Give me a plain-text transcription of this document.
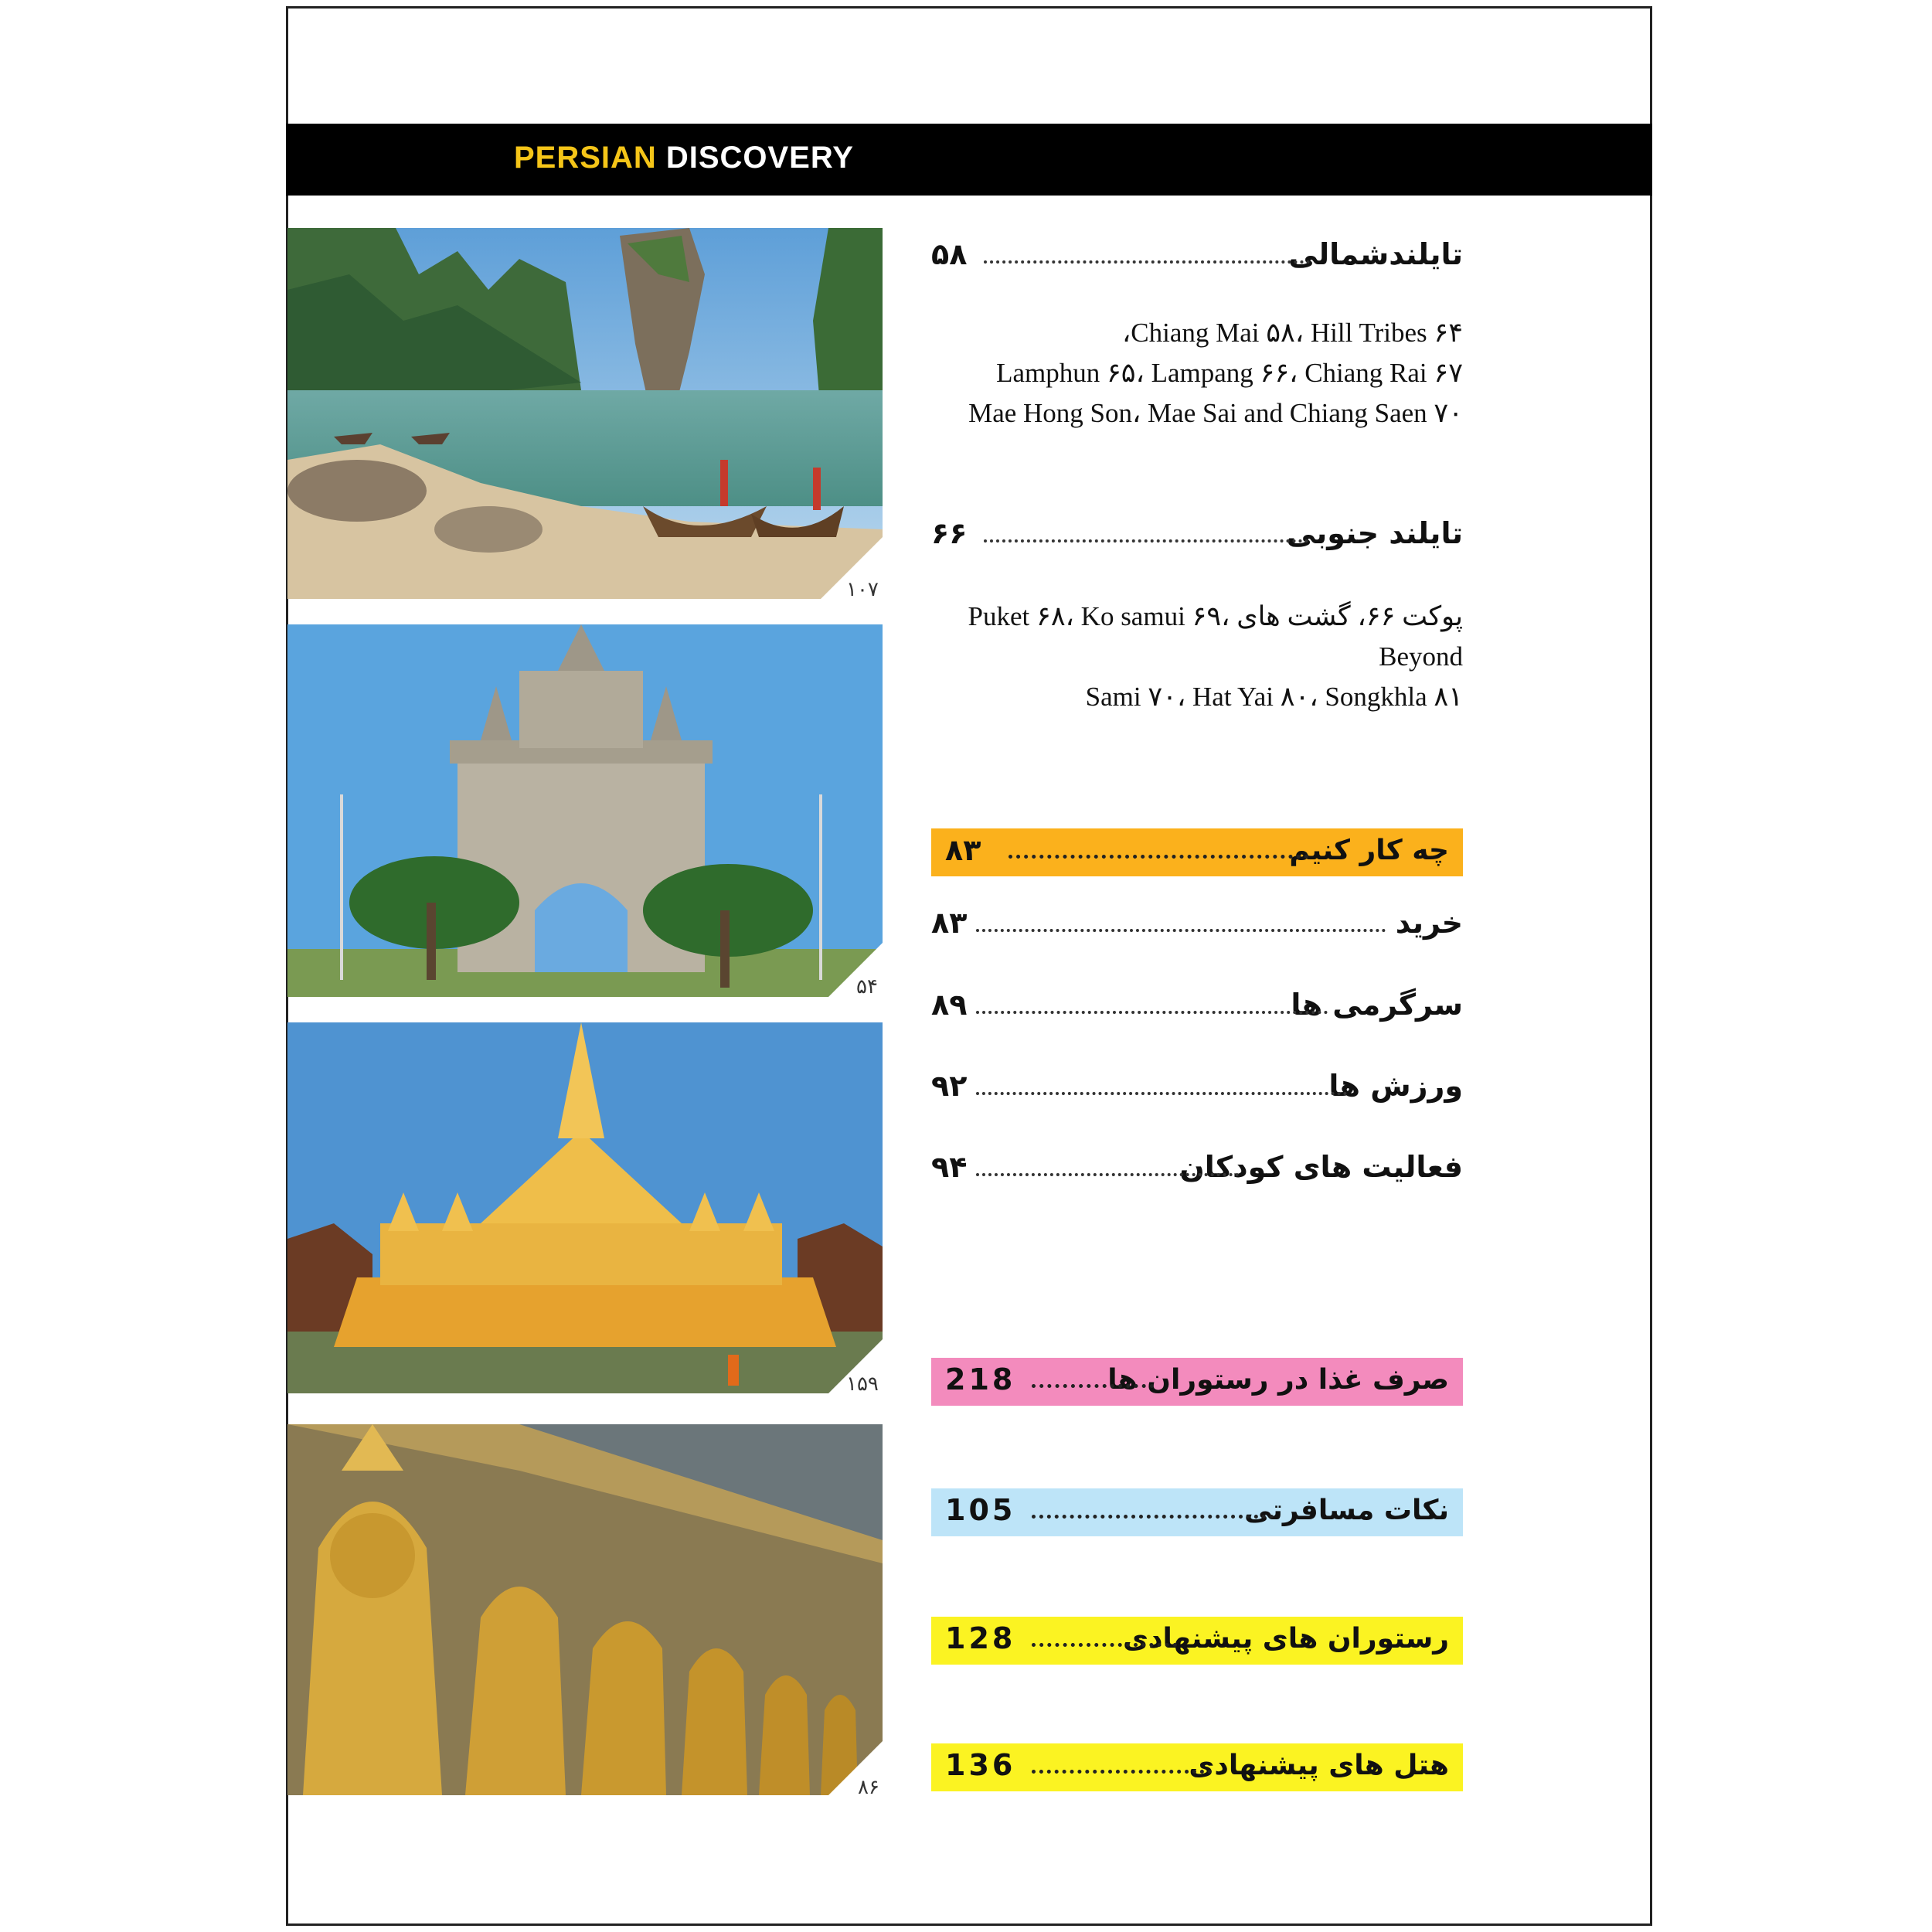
PERSIAN DISCOVERY
۱۰۷
۵۴
۱۵۹
۸۶
تایلندشمالی
۵۸
Chiang Mai ۵۸، Hill Tribes ۶۴،
Lamphun ۶۵، Lampang ۶۶، Chiang Rai ۶۷
Mae Hong Son، Mae Sai and Chiang Saen ۷۰
تایلند جنوبی
۶۶
پوکت ۶۶، گشت های Puket ۶۸، Ko samui ۶۹، Beyond
Sami ۷۰، Hat Yai ۸۰، Songkhla ۸۱
چه کار کنیم
۸۳
خرید
۸۳
سرگرمی ها
۸۹
ورزش ها
۹۲
فعالیت های کودکان
۹۴
صرف غذا در رستوران ها
218
نکات مسافرتی
105
رستوران های پیشنهادی
128
هتل های پیشنهادی
136
